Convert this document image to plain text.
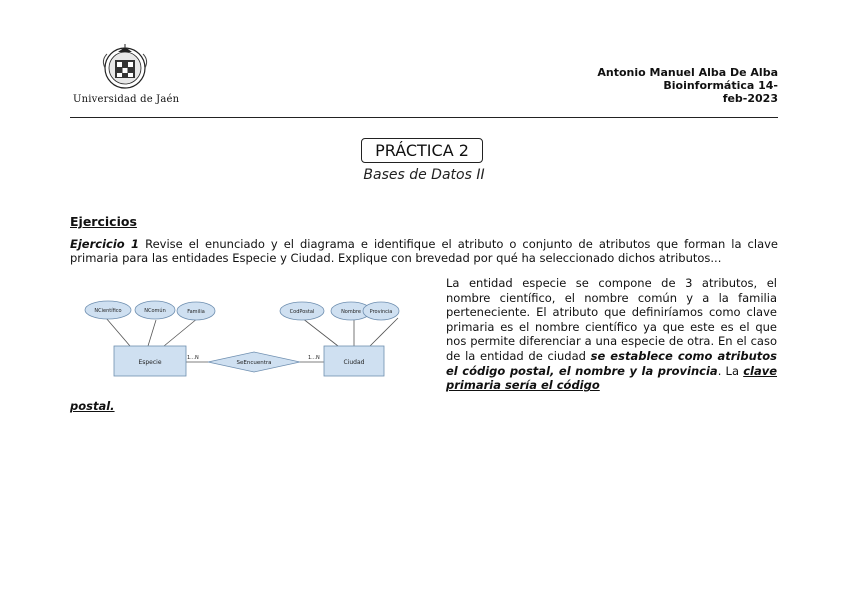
Universidad de Jaén
Antonio Manuel Alba De Alba
Bioinformática 14-
feb-2023
PRÁCTICA 2
Bases de Datos II
Ejercicios
Ejercicio 1 Revise el enunciado y el diagrama e identifique el atributo o conjunto de atributos que forman la clave primaria para las entidades Especie y Ciudad. Explique con brevedad por qué ha seleccionado dichos atributos...
NCientífico	NComún	Familia	CodPostal	Nombre Provincia
Especie	Ciudad
SeEncuentra
1...N	1...N
La entidad especie se compone de 3 atributos, el nombre científico, el nombre común y a la familia perteneciente. El atributo que definiríamos como clave primaria es el nombre científico ya que este es el que nos permite diferenciar a una especie de otra. En el caso de la entidad de ciudad se establece como atributos el código postal, el nombre y la provincia. La clave primaria sería el código
postal.
